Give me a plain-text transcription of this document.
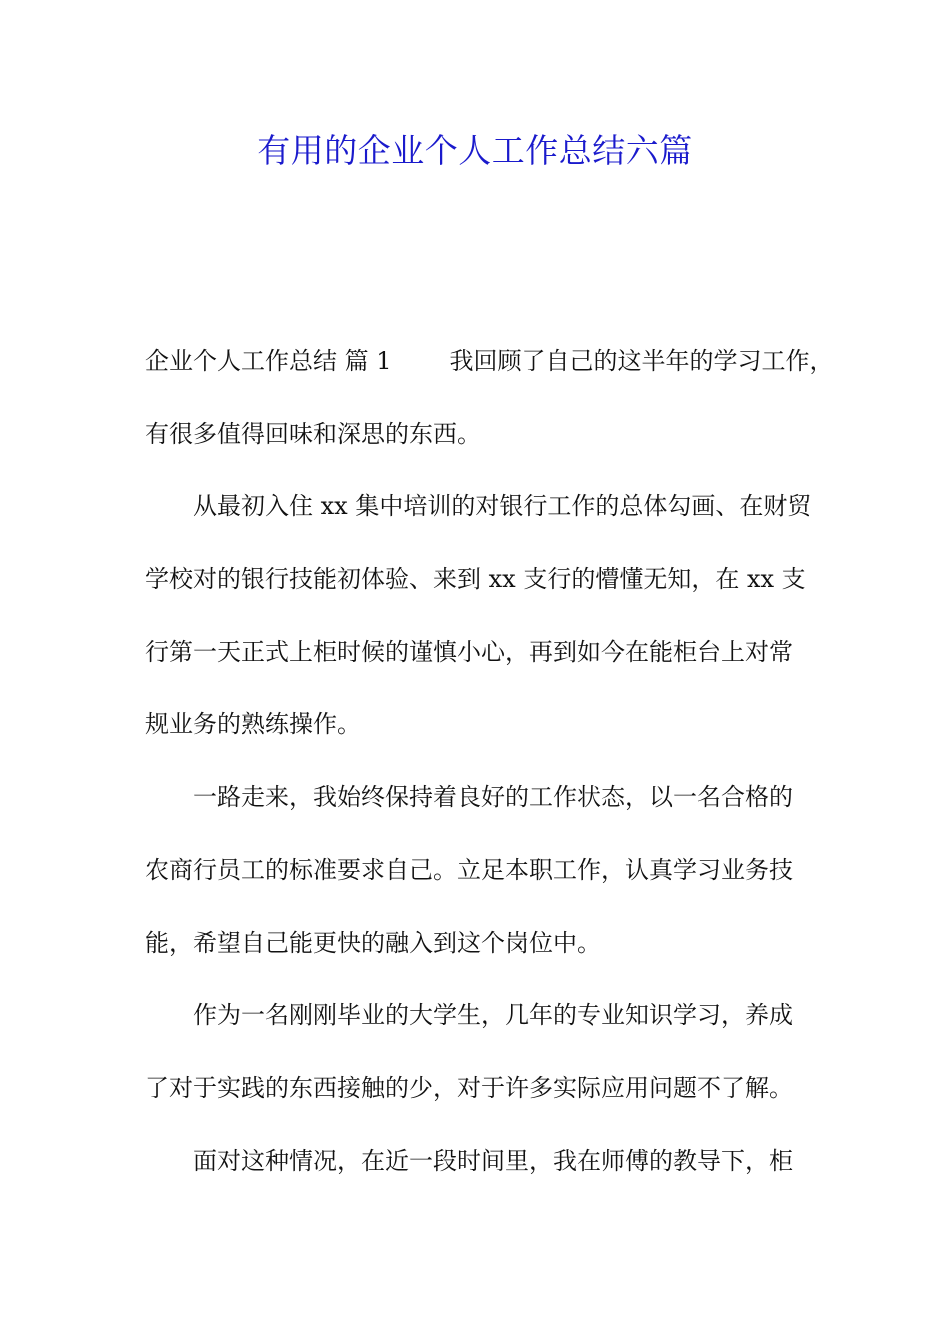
有用的企业个人工作总结六篇
企业个人工作总结 篇 1 我回顾了自己的这半年的学习工作，
有很多值得回味和深思的东西。
从最初入住 xx 集中培训的对银行工作的总体勾画、在财贸
学校对的银行技能初体验、来到 xx 支行的懵懂无知，在 xx 支
行第一天正式上柜时候的谨慎小心，再到如今在能柜台上对常
规业务的熟练操作。
一路走来，我始终保持着良好的工作状态，以一名合格的
农商行员工的标准要求自己。立足本职工作，认真学习业务技
能，希望自己能更快的融入到这个岗位中。
作为一名刚刚毕业的大学生，几年的专业知识学习，养成
了对于实践的东西接触的少，对于许多实际应用问题不了解。
面对这种情况，在近一段时间里，我在师傅的教导下，柜
